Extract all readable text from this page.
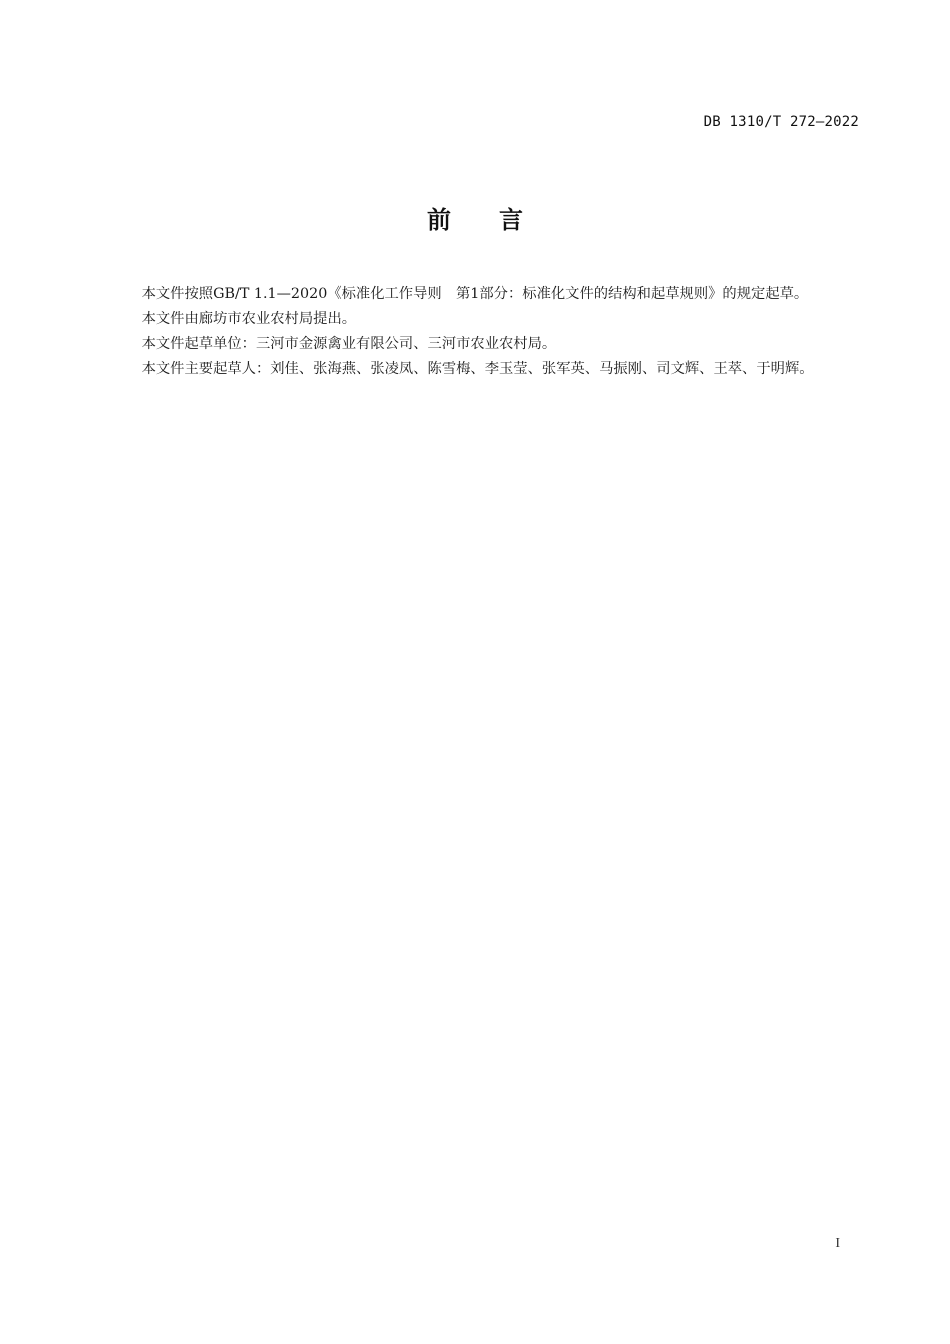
DB 1310/T 272—2022
前 言

本文件按照GB/T 1.1—2020《标准化工作导则　第1部分：标准化文件的结构和起草规则》的规定起草。

本文件由廊坊市农业农村局提出。

本文件起草单位：三河市金源禽业有限公司、三河市农业农村局。

本文件主要起草人：刘佳、张海燕、张凌凤、陈雪梅、李玉莹、张军英、马振刚、司文辉、王萃、于明辉。

I
